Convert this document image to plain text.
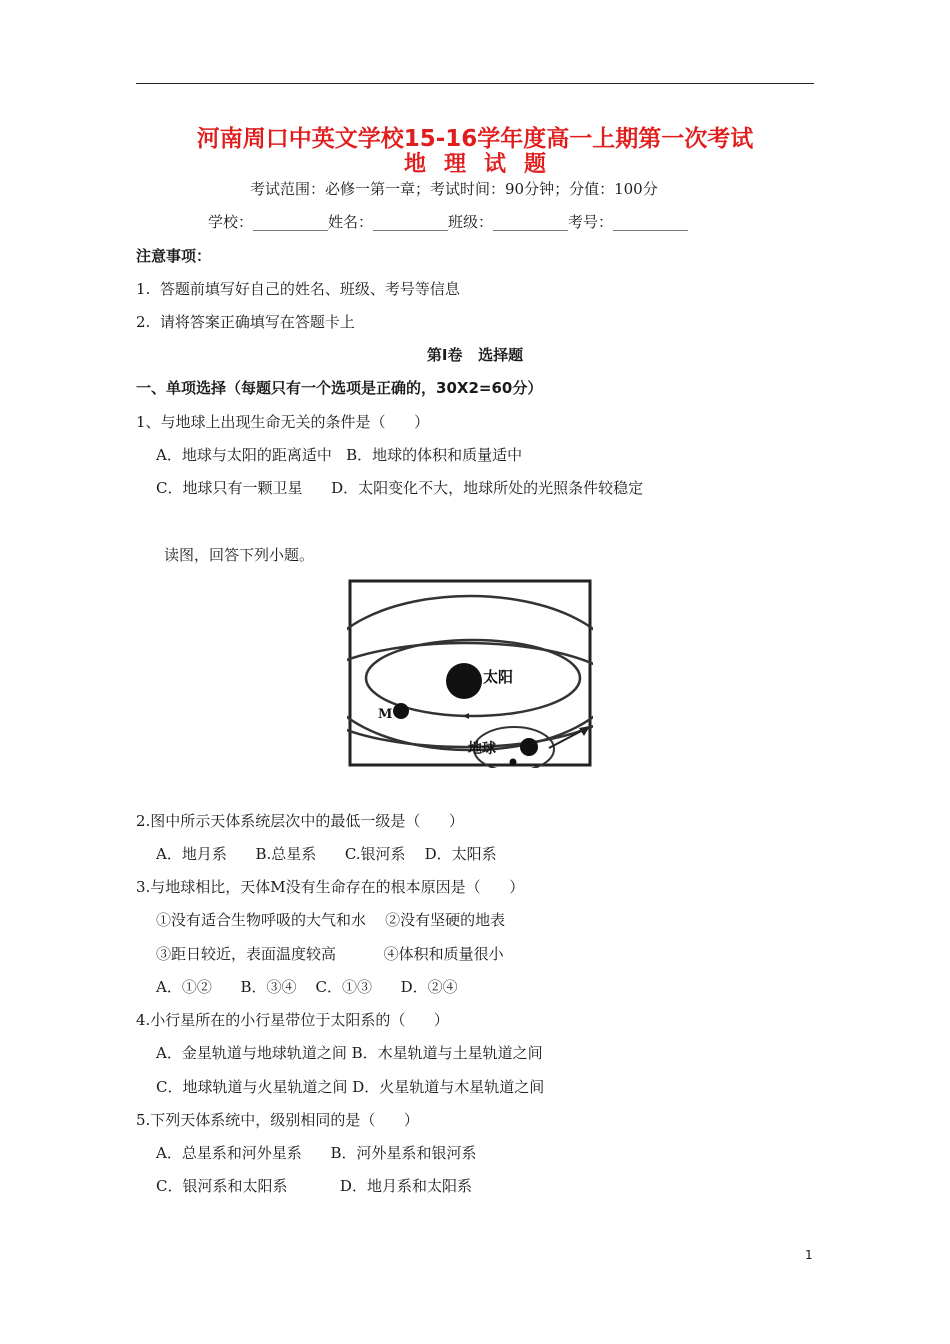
河南周口中英文学校15-16学年度高一上期第一次考试
地理试题
考试范围：必修一第一章；考试时间：90分钟；分值：100分
学校：__________姓名：__________班级：__________考号：__________
注意事项：
1.  答题前填写好自己的姓名、班级、考号等信息
2.  请将答案正确填写在答题卡上
第Ⅰ卷   选择题
一、单项选择（每题只有一个选项是正确的，30X2=60分）
1、与地球上出现生命无关的条件是（      ）
A．地球与太阳的距离适中   B．地球的体积和质量适中
C．地球只有一颗卫星      D．太阳变化不大，地球所处的光照条件较稳定
读图，回答下列小题。
太阳
M
地球
2.图中所示天体系统层次中的最低一级是（      ）
A．地月系      B.总星系      C.银河系    D．太阳系
3.与地球相比，天体M没有生命存在的根本原因是（      ）
①没有适合生物呼吸的大气和水    ②没有坚硬的地表
③距日较近，表面温度较高          ④体积和质量很小
A．①②      B．③④    C．①③      D．②④
4.小行星所在的小行星带位于太阳系的（      ）
A．金星轨道与地球轨道之间 B．木星轨道与土星轨道之间
C．地球轨道与火星轨道之间 D．火星轨道与木星轨道之间
5.下列天体系统中，级别相同的是（      ）
A．总星系和河外星系      B．河外星系和银河系
C．银河系和太阳系           D．地月系和太阳系
1
